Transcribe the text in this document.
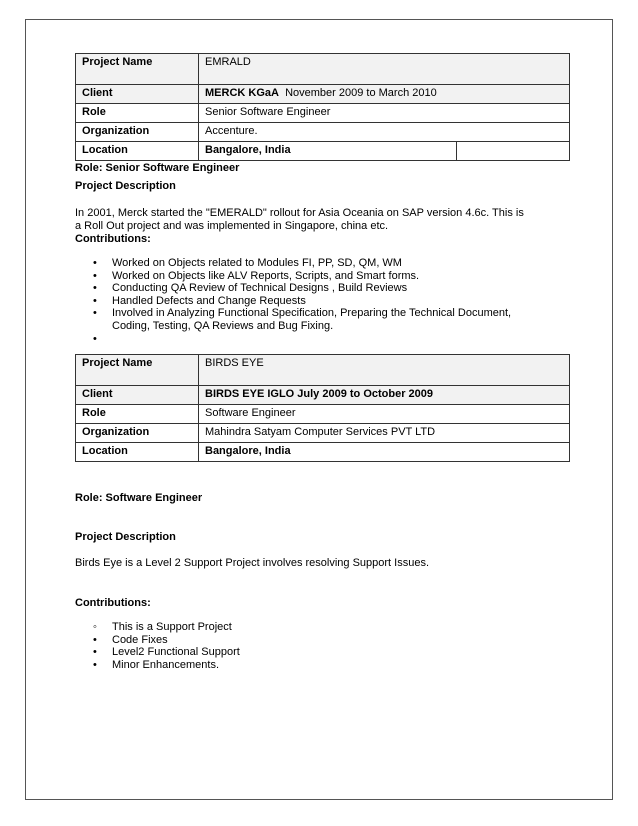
Project Name	EMRALD	
Client	MERCK KGaA November 2009 to March 2010	
Role	Senior Software Engineer	
Organization	Accenture.	
Location	Bangalore, India	
Role: Senior Software Engineer
Project Description
In 2001, Merck started the "EMERALD" rollout for Asia Oceania on SAP version 4.6c. This is
a Roll Out project and was implemented in Singapore, china etc.
Contributions:
• Worked on Objects related to Modules FI, PP, SD, QM, WM
• Worked on Objects like ALV Reports, Scripts, and Smart forms.
• Conducting QA Review of Technical Designs , Build Reviews
• Handled Defects and Change Requests
• Involved in Analyzing Functional Specification, Preparing the Technical Document,
Coding, Testing, QA Reviews and Bug Fixing.
•

Project Name	BIRDS EYE
Client	BIRDS EYE IGLO July 2009 to October 2009
Role	Software Engineer
Organization	Mahindra Satyam Computer Services PVT LTD
Location	Bangalore, India
Role: Software Engineer
Project Description
Birds Eye is a Level 2 Support Project involves resolving Support Issues.
Contributions:
◦ This is a Support Project
• Code Fixes
• Level2 Functional Support
• Minor Enhancements.
